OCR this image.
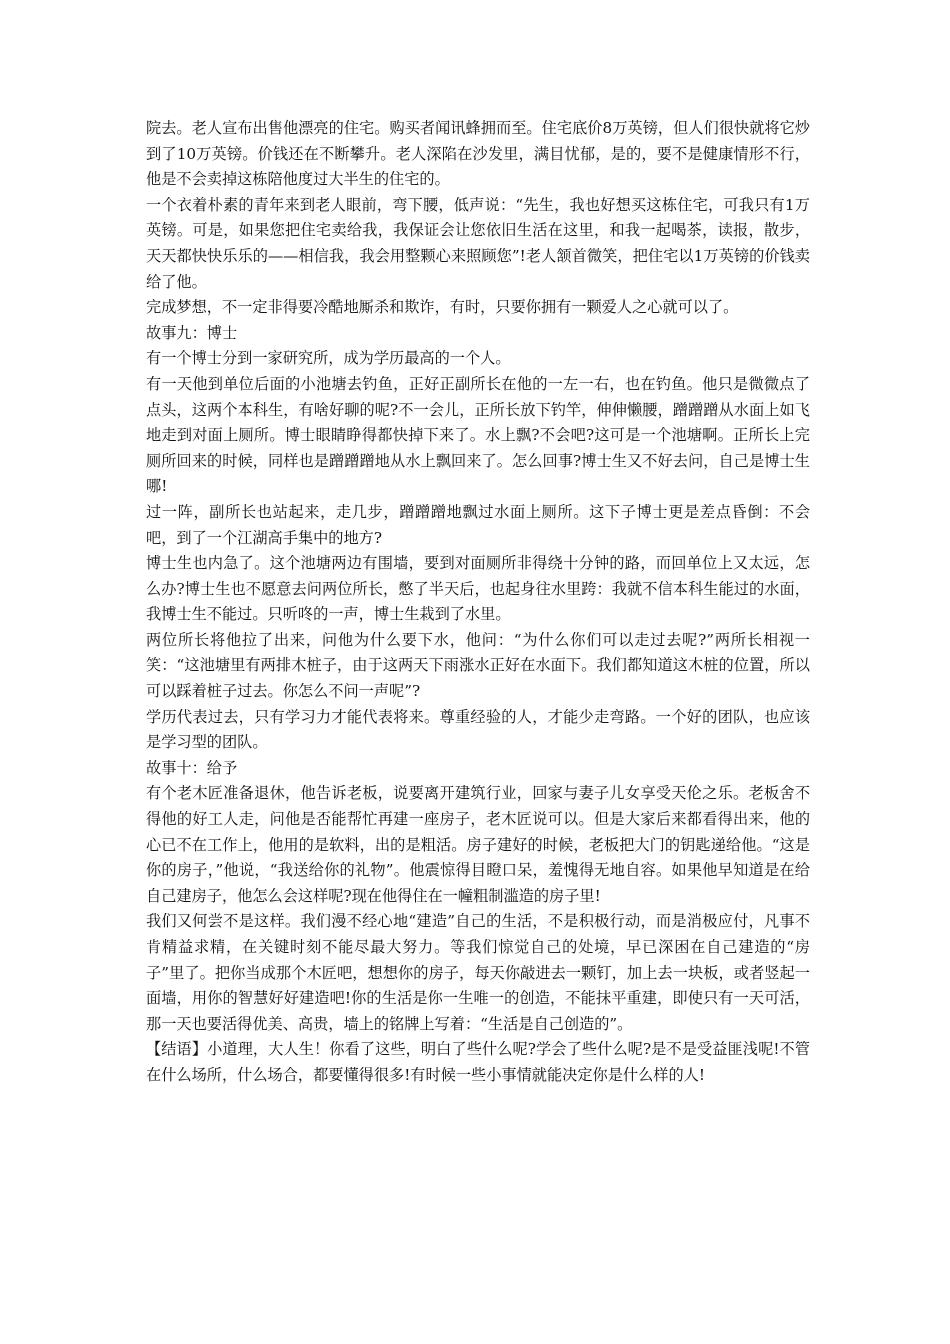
院去。老人宣布出售他漂亮的住宅。购买者闻讯蜂拥而至。住宅底价8万英镑，但人们很快就将它炒到了10万英镑。价钱还在不断攀升。老人深陷在沙发里，满目忧郁，是的，要不是健康情形不行，他是不会卖掉这栋陪他度过大半生的住宅的。

一个衣着朴素的青年来到老人眼前，弯下腰，低声说：“先生，我也好想买这栋住宅，可我只有1万英镑。可是，如果您把住宅卖给我，我保证会让您依旧生活在这里，和我一起喝茶，读报，散步，天天都快快乐乐的——相信我，我会用整颗心来照顾您”!老人颔首微笑，把住宅以1万英镑的价钱卖给了他。

完成梦想，不一定非得要冷酷地厮杀和欺诈，有时，只要你拥有一颗爱人之心就可以了。

故事九：博士

有一个博士分到一家研究所，成为学历最高的一个人。

有一天他到单位后面的小池塘去钓鱼，正好正副所长在他的一左一右，也在钓鱼。他只是微微点了点头，这两个本科生，有啥好聊的呢?不一会儿，正所长放下钓竿，伸伸懒腰，蹭蹭蹭从水面上如飞地走到对面上厕所。博士眼睛睁得都快掉下来了。水上飘?不会吧?这可是一个池塘啊。正所长上完厕所回来的时候，同样也是蹭蹭蹭地从水上飘回来了。怎么回事?博士生又不好去问，自己是博士生哪!

过一阵，副所长也站起来，走几步，蹭蹭蹭地飘过水面上厕所。这下子博士更是差点昏倒：不会吧，到了一个江湖高手集中的地方?

博士生也内急了。这个池塘两边有围墙，要到对面厕所非得绕十分钟的路，而回单位上又太远，怎么办?博士生也不愿意去问两位所长，憋了半天后，也起身往水里跨：我就不信本科生能过的水面，我博士生不能过。只听咚的一声，博士生栽到了水里。

两位所长将他拉了出来，问他为什么要下水，他问：“为什么你们可以走过去呢?”两所长相视一笑：“这池塘里有两排木桩子，由于这两天下雨涨水正好在水面下。我们都知道这木桩的位置，所以可以踩着桩子过去。你怎么不问一声呢”?

学历代表过去，只有学习力才能代表将来。尊重经验的人，才能少走弯路。一个好的团队，也应该是学习型的团队。

故事十：给予

有个老木匠准备退休，他告诉老板，说要离开建筑行业，回家与妻子儿女享受天伦之乐。老板舍不得他的好工人走，问他是否能帮忙再建一座房子，老木匠说可以。但是大家后来都看得出来，他的心已不在工作上，他用的是软料，出的是粗活。房子建好的时候，老板把大门的钥匙递给他。“这是你的房子，”他说，“我送给你的礼物”。他震惊得目瞪口呆，羞愧得无地自容。如果他早知道是在给自己建房子，他怎么会这样呢?现在他得住在一幢粗制滥造的房子里!

我们又何尝不是这样。我们漫不经心地“建造”自己的生活，不是积极行动，而是消极应付，凡事不肯精益求精，在关键时刻不能尽最大努力。等我们惊觉自己的处境，早已深困在自己建造的“房子”里了。把你当成那个木匠吧，想想你的房子，每天你敲进去一颗钉，加上去一块板，或者竖起一面墙，用你的智慧好好建造吧!你的生活是你一生唯一的创造，不能抹平重建，即使只有一天可活，那一天也要活得优美、高贵，墙上的铭牌上写着：“生活是自己创造的”。

【结语】小道理，大人生！你看了这些，明白了些什么呢?学会了些什么呢?是不是受益匪浅呢!不管在什么场所，什么场合，都要懂得很多!有时候一些小事情就能决定你是什么样的人!
